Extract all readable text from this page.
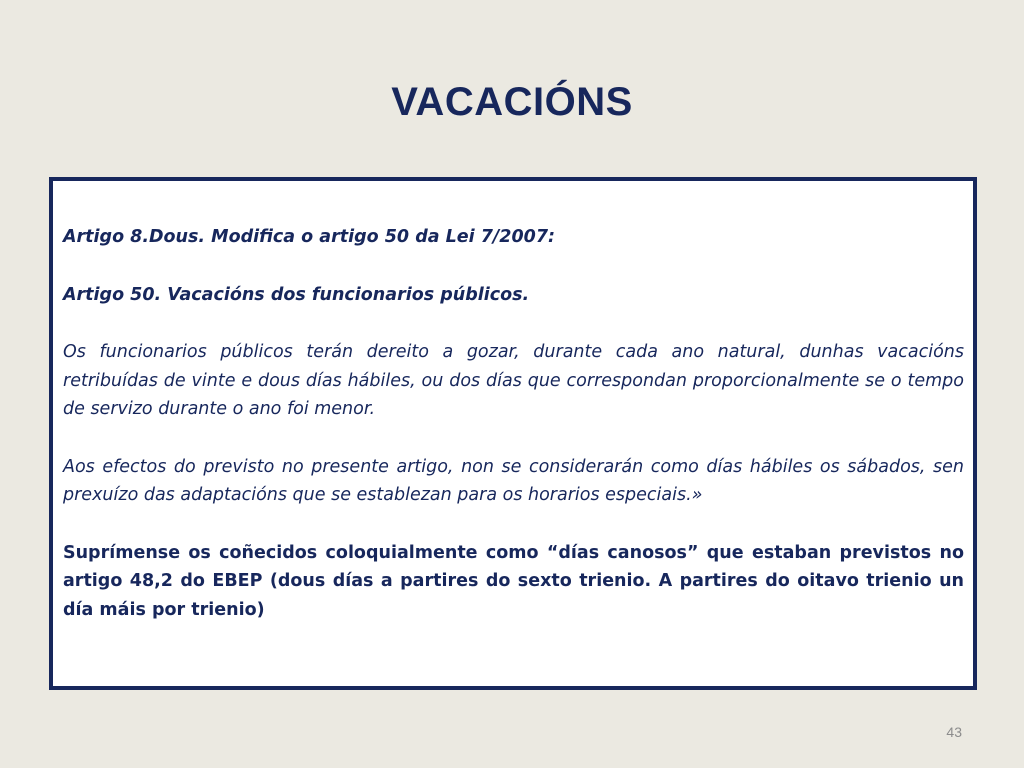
VACACIÓNS

Artigo 8.Dous. Modifica o artigo 50 da Lei 7/2007:

Artigo 50. Vacacións dos funcionarios públicos.

Os funcionarios públicos terán dereito a gozar, durante cada ano natural, dunhas vacacións retribuídas de vinte e dous días hábiles, ou dos días que correspondan proporcionalmente se o tempo de servizo durante o ano foi menor.

Aos efectos do previsto no presente artigo, non se considerarán como días hábiles os sábados, sen prexuízo das adaptacións que se establezan para os horarios especiais.»

Suprímense os coñecidos coloquialmente como “días canosos” que estaban previstos no artigo 48,2 do EBEP (dous días a partires do sexto trienio. A partires do oitavo trienio un día máis por trienio)

43
